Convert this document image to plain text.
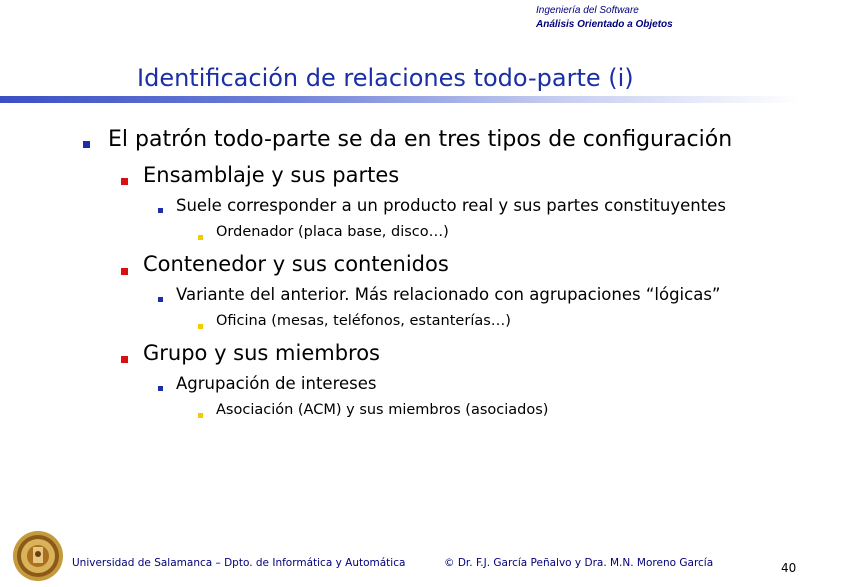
Ingeniería del Software
Análisis Orientado a Objetos
Identificación de relaciones todo-parte (i)
El patrón todo-parte se da en tres tipos de configuración
Ensamblaje y sus partes
Suele corresponder a un producto real y sus partes constituyentes
Ordenador (placa base, disco…)
Contenedor y sus contenidos
Variante del anterior. Más relacionado con agrupaciones “lógicas”
Oficina (mesas, teléfonos, estanterías…)
Grupo y sus miembros
Agrupación de intereses
Asociación (ACM) y sus miembros (asociados)
Universidad de Salamanca – Dpto. de Informática y Automática	© Dr. F.J. García Peñalvo y Dra. M.N. Moreno García	40
